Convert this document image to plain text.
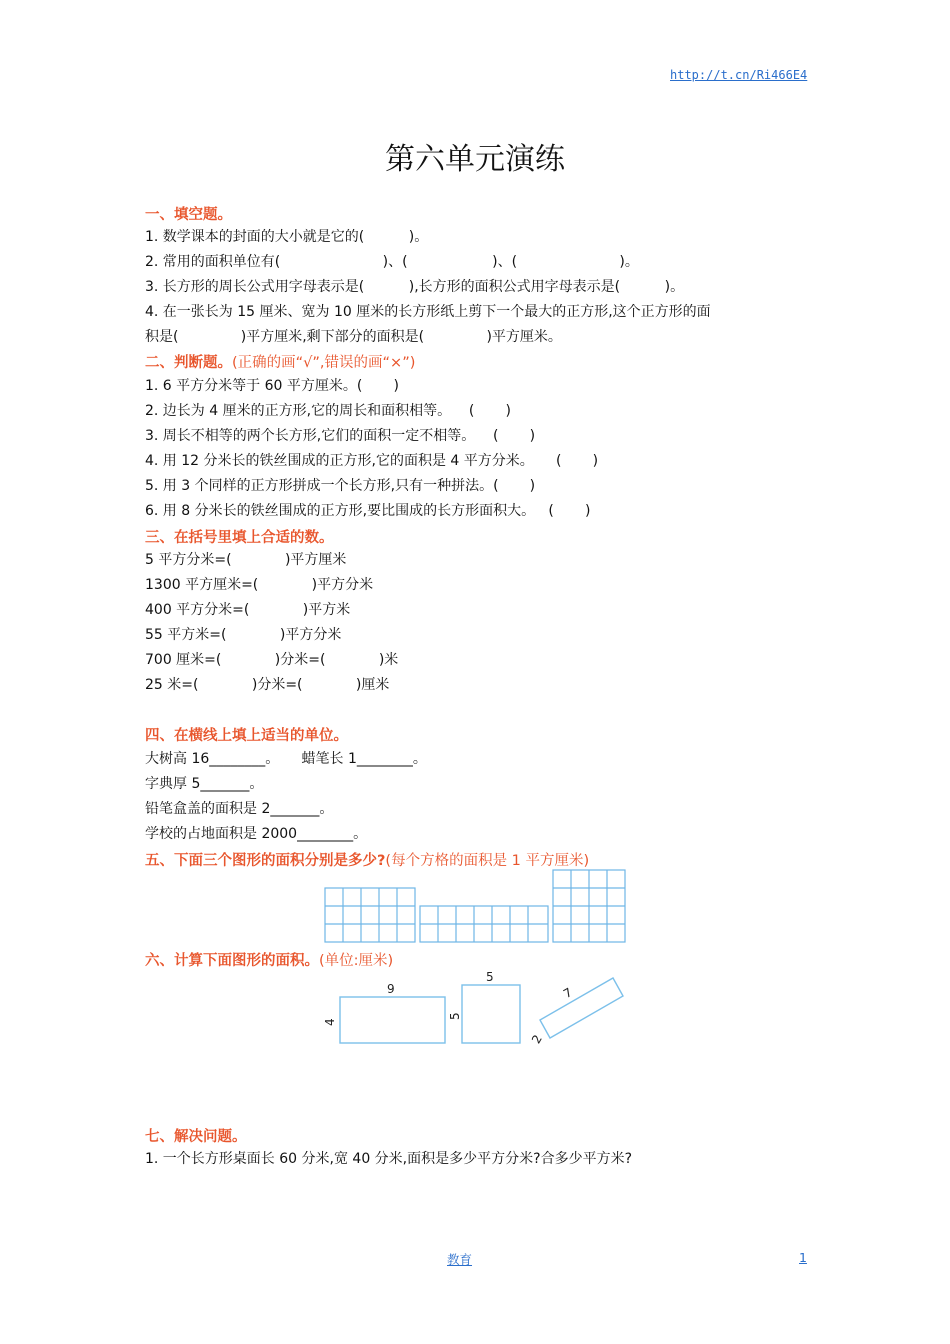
http://t.cn/Ri466E4
第六单元演练
一、填空题。
1. 数学课本的封面的大小就是它的(          )。
2. 常用的面积单位有(                       )、(                   )、(                       )。
3. 长方形的周长公式用字母表示是(          ),长方形的面积公式用字母表示是(          )。
4. 在一张长为 15 厘米、宽为 10 厘米的长方形纸上剪下一个最大的正方形,这个正方形的面
积是(              )平方厘米,剩下部分的面积是(              )平方厘米。
二、判断题。(正确的画“√”,错误的画“×”)
1. 6 平方分米等于 60 平方厘米。(       )
2. 边长为 4 厘米的正方形,它的周长和面积相等。    (       )
3. 周长不相等的两个长方形,它们的面积一定不相等。    (       )
4. 用 12 分米长的铁丝围成的正方形,它的面积是 4 平方分米。     (       )
5. 用 3 个同样的正方形拼成一个长方形,只有一种拼法。(       )
6. 用 8 分米长的铁丝围成的正方形,要比围成的长方形面积大。   (       )
三、在括号里填上合适的数。
5 平方分米=(            )平方厘米
1300 平方厘米=(            )平方分米
400 平方分米=(            )平方米
55 平方米=(            )平方分米
700 厘米=(            )分米=(            )米
25 米=(            )分米=(            )厘米
四、在横线上填上适当的单位。
大树高 16________。     蜡笔长 1________。
字典厚 5_______。
铅笔盒盖的面积是 2_______。
学校的占地面积是 2000________。
五、下面三个图形的面积分别是多少?(每个方格的面积是 1 平方厘米)
六、计算下面图形的面积。(单位:厘米)
9
4
5
5
7
2
七、解决问题。
1. 一个长方形桌面长 60 分米,宽 40 分米,面积是多少平方分米?合多少平方米?
教育	1
